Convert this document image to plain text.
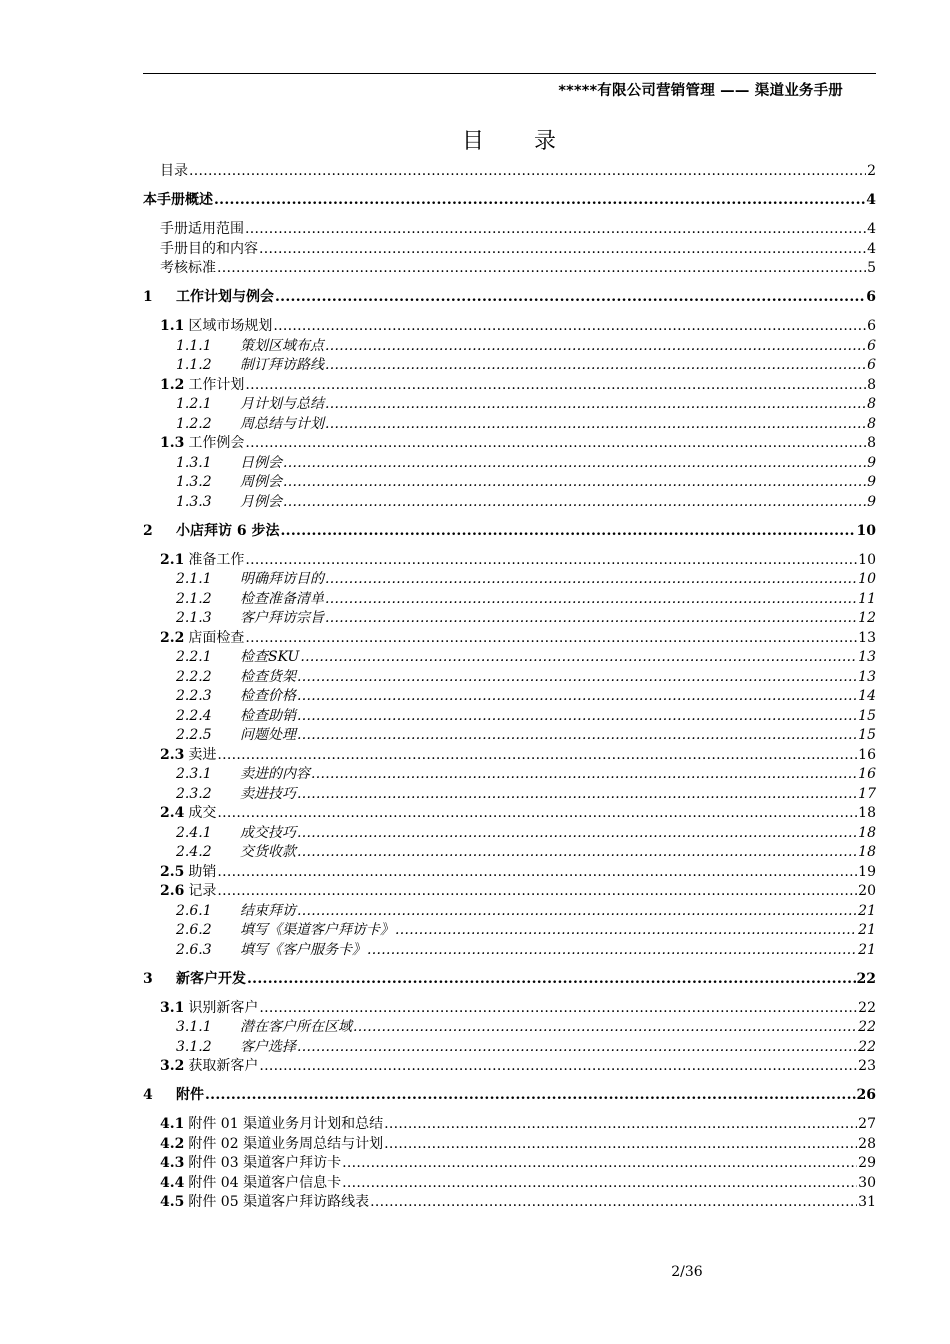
*****有限公司营销管理 —— 渠道业务手册
目 录
目录 .....	2
本手册概述 .....	4
手册适用范围 .....	4
手册目的和内容 .....	4
考核标准 .....	5
1	工作计划与例会 .....	6
1.1 区域市场规划 .....	6
1.1.1	策划区域布点 .....	6
1.1.2	制订拜访路线 .....	6
1.2 工作计划 .....	8
1.2.1	月计划与总结 .....	8
1.2.2	周总结与计划 .....	8
1.3 工作例会 .....	8
1.3.1	日例会 .....	9
1.3.2	周例会 .....	9
1.3.3	月例会 .....	9
2	小店拜访 6 步法 .....	10
2.1 准备工作 .....	10
2.1.1	明确拜访目的 .....	10
2.1.2	检查准备清单 .....	11
2.1.3	客户拜访宗旨 .....	12
2.2 店面检查 .....	13
2.2.1	检查SKU .....	13
2.2.2	检查货架 .....	13
2.2.3	检查价格 .....	14
2.2.4	检查助销 .....	15
2.2.5	问题处理 .....	15
2.3 卖进 .....	16
2.3.1	卖进的内容 .....	16
2.3.2	卖进技巧 .....	17
2.4 成交 .....	18
2.4.1	成交技巧 .....	18
2.4.2	交货收款 .....	18
2.5 助销 .....	19
2.6 记录 .....	20
2.6.1	结束拜访 .....	21
2.6.2	填写《渠道客户拜访卡》 .....	21
2.6.3	填写《客户服务卡》 .....	21
3	新客户开发 .....	22
3.1 识别新客户 .....	22
3.1.1	潜在客户所在区域 .....	22
3.1.2	客户选择 .....	22
3.2 获取新客户 .....	23
4	附件 .....	26
4.1 附件 01 渠道业务月计划和总结 .....	27
4.2 附件 02 渠道业务周总结与计划 .....	28
4.3 附件 03 渠道客户拜访卡 .....	29
4.4 附件 04 渠道客户信息卡 .....	30
4.5 附件 05 渠道客户拜访路线表 .....	31
2/36
